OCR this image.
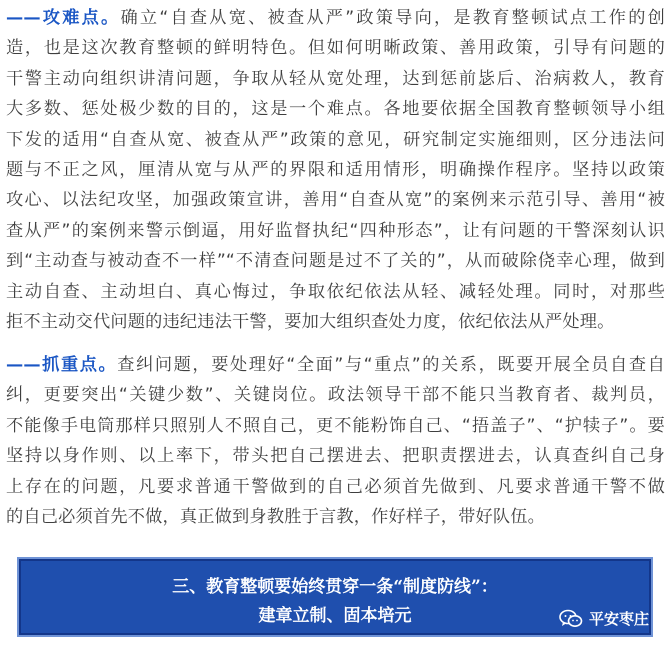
——攻难点。确立“自查从宽、被查从严”政策导向，是教育整顿试点工作的创
造，也是这次教育整顿的鲜明特色。但如何明晰政策、善用政策，引导有问题的
干警主动向组织讲清问题，争取从轻从宽处理，达到惩前毖后、治病救人，教育
大多数、惩处极少数的目的，这是一个难点。各地要依据全国教育整顿领导小组
下发的适用“自查从宽、被查从严”政策的意见，研究制定实施细则，区分违法问
题与不正之风，厘清从宽与从严的界限和适用情形，明确操作程序。坚持以政策
攻心、以法纪攻坚，加强政策宣讲，善用“自查从宽”的案例来示范引导、善用“被
查从严”的案例来警示倒逼，用好监督执纪“四种形态”，让有问题的干警深刻认识
到“主动查与被动查不一样”“不清查问题是过不了关的”，从而破除侥幸心理，做到
主动自查、主动坦白、真心悔过，争取依纪依法从轻、减轻处理。同时，对那些
拒不主动交代问题的违纪违法干警，要加大组织查处力度，依纪依法从严处理。
——抓重点。查纠问题，要处理好“全面”与“重点”的关系，既要开展全员自查自
纠，更要突出“关键少数”、关键岗位。政法领导干部不能只当教育者、裁判员，
不能像手电筒那样只照别人不照自己，更不能粉饰自己、“捂盖子”、“护犊子”。要
坚持以身作则、以上率下，带头把自己摆进去、把职责摆进去，认真查纠自己身
上存在的问题，凡要求普通干警做到的自己必须首先做到、凡要求普通干警不做
的自己必须首先不做，真正做到身教胜于言教，作好样子，带好队伍。
三、教育整顿要始终贯穿一条“制度防线”：
建章立制、固本培元	平安枣庄
